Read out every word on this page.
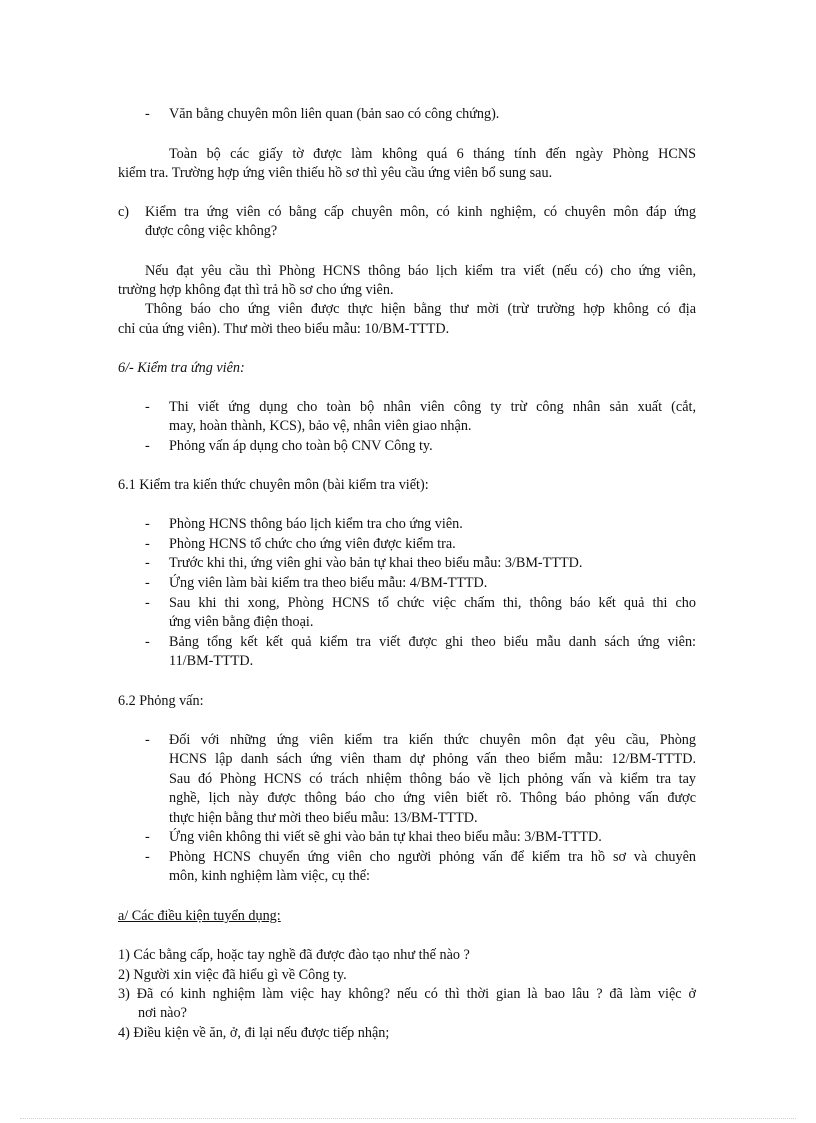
- Văn bằng chuyên môn liên quan (bản sao có công chứng).

Toàn bộ các giấy tờ được làm không quá 6 tháng tính đến ngày Phòng HCNS

kiểm tra. Trường hợp ứng viên thiếu hồ sơ thì yêu cầu ứng viên bổ sung sau.

c) Kiểm tra ứng viên có bằng cấp chuyên môn, có kinh nghiệm, có chuyên môn đáp ứng

được công việc không?

Nếu đạt yêu cầu thì Phòng HCNS thông báo lịch kiểm tra viết (nếu có) cho ứng viên,

trường hợp không đạt thì trả hồ sơ cho ứng viên.

Thông báo cho ứng viên được thực hiện bằng thư mời (trừ trường hợp không có địa

chỉ của ứng viên). Thư mời theo biểu mẫu: 10/BM-TTTD.

6/- Kiểm tra ứng viên:

- Thi viết ứng dụng cho toàn bộ nhân viên công ty trừ công nhân sản xuất (cắt,

may, hoàn thành, KCS), bảo vệ, nhân viên giao nhận.

- Phỏng vấn áp dụng cho toàn bộ CNV Công ty.

6.1 Kiểm tra kiến thức chuyên môn (bài kiểm tra viết):

- Phòng HCNS thông báo lịch kiểm tra cho ứng viên.

- Phòng HCNS tổ chức cho ứng viên được kiểm tra.

- Trước khi thi, ứng viên ghi vào bản tự khai theo biểu mẫu: 3/BM-TTTD.

- Ứng viên làm bài kiểm tra theo biểu mẫu: 4/BM-TTTD.

- Sau khi thi xong, Phòng HCNS tổ chức việc chấm thi, thông báo kết quả thi cho

ứng viên bằng điện thoại.

- Bảng tổng kết kết quả kiểm tra viết được ghi theo biểu mẫu danh sách ứng viên:

11/BM-TTTD.

6.2 Phỏng vấn:

- Đối với những ứng viên kiểm tra kiến thức chuyên môn đạt yêu cầu, Phòng

HCNS lập danh sách ứng viên tham dự phỏng vấn theo biểm mẫu: 12/BM-TTTD.

Sau đó Phòng HCNS có trách nhiệm thông báo về lịch phỏng vấn và kiểm tra tay

nghề, lịch này được thông báo cho ứng viên biết rõ. Thông báo phỏng vấn được

thực hiện bằng thư mời theo biểu mẫu: 13/BM-TTTD.

- Ứng viên không thi viết sẽ ghi vào bản tự khai theo biểu mẫu: 3/BM-TTTD.

- Phòng HCNS chuyển ứng viên cho người phỏng vấn để kiểm tra hồ sơ và chuyên

môn, kinh nghiệm làm việc, cụ thể:

a/ Các điều kiện tuyển dụng:

1) Các bằng cấp, hoặc tay nghề đã được đào tạo như thế nào ?

2) Người xin việc đã hiểu gì về Công ty.

3) Đã có kinh nghiệm làm việc hay không? nếu có thì thời gian là bao lâu ? đã làm việc ở

nơi nào?

4) Điều kiện về ăn, ở, đi lại nếu được tiếp nhận;
